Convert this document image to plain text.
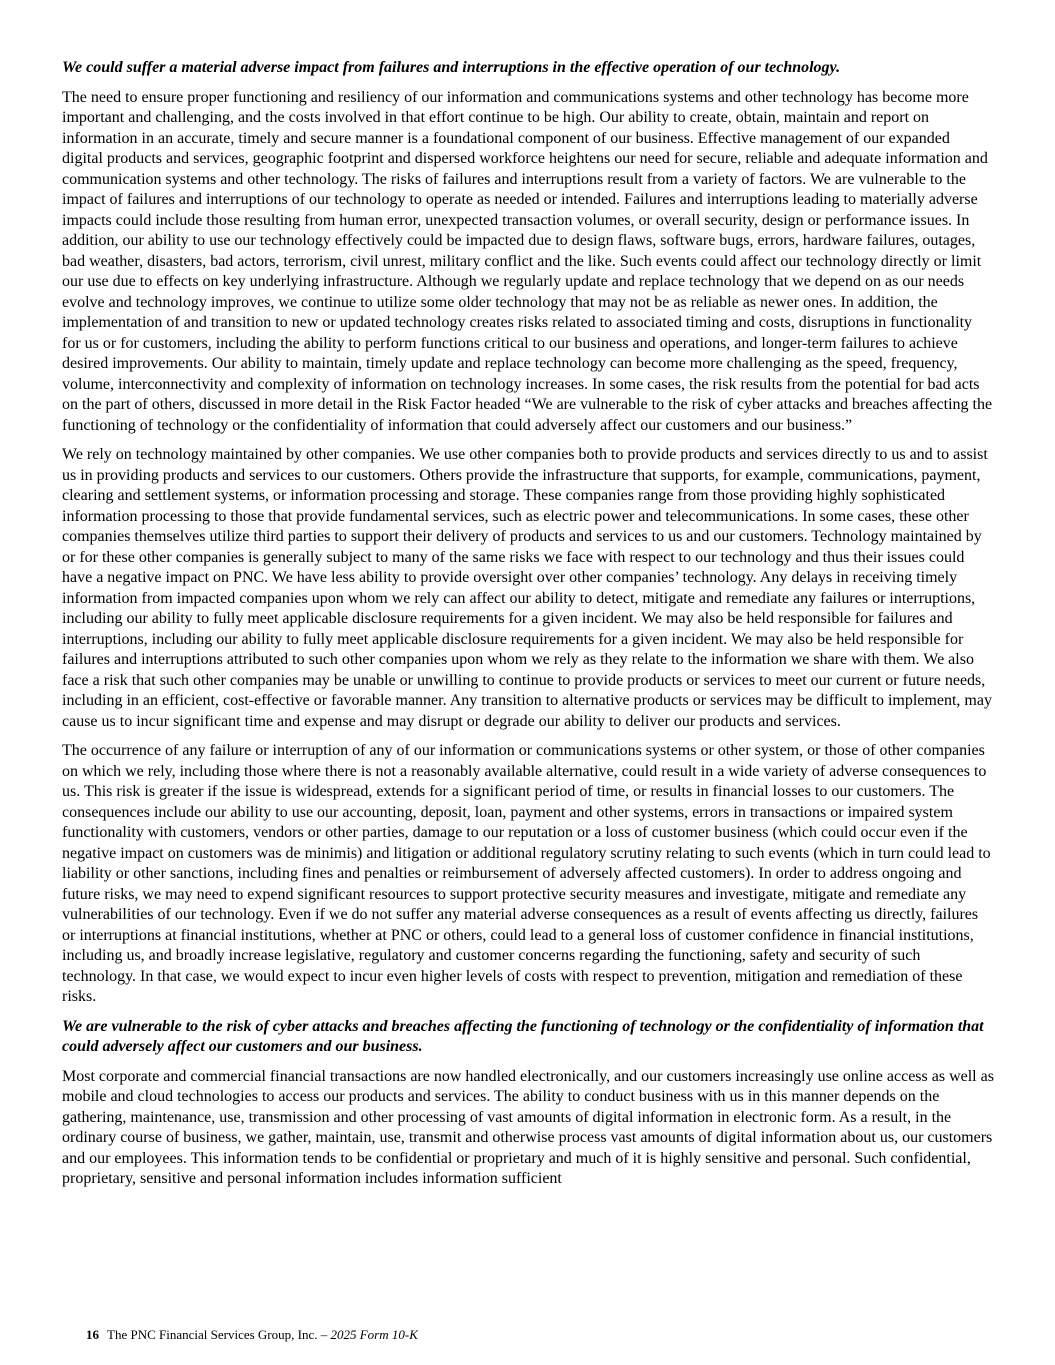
We could suffer a material adverse impact from failures and interruptions in the effective operation of our technology.

The need to ensure proper functioning and resiliency of our information and communications systems and other technology has become more important and challenging, and the costs involved in that effort continue to be high. Our ability to create, obtain, maintain and report on information in an accurate, timely and secure manner is a foundational component of our business. Effective management of our expanded digital products and services, geographic footprint and dispersed workforce heightens our need for secure, reliable and adequate information and communication systems and other technology. The risks of failures and interruptions result from a variety of factors. We are vulnerable to the impact of failures and interruptions of our technology to operate as needed or intended. Failures and interruptions leading to materially adverse impacts could include those resulting from human error, unexpected transaction volumes, or overall security, design or performance issues. In addition, our ability to use our technology effectively could be impacted due to design flaws, software bugs, errors, hardware failures, outages, bad weather, disasters, bad actors, terrorism, civil unrest, military conflict and the like. Such events could affect our technology directly or limit our use due to effects on key underlying infrastructure. Although we regularly update and replace technology that we depend on as our needs evolve and technology improves, we continue to utilize some older technology that may not be as reliable as newer ones. In addition, the implementation of and transition to new or updated technology creates risks related to associated timing and costs, disruptions in functionality for us or for customers, including the ability to perform functions critical to our business and operations, and longer-term failures to achieve desired improvements. Our ability to maintain, timely update and replace technology can become more challenging as the speed, frequency, volume, interconnectivity and complexity of information on technology increases. In some cases, the risk results from the potential for bad acts on the part of others, discussed in more detail in the Risk Factor headed “We are vulnerable to the risk of cyber attacks and breaches affecting the functioning of technology or the confidentiality of information that could adversely affect our customers and our business.”

We rely on technology maintained by other companies. We use other companies both to provide products and services directly to us and to assist us in providing products and services to our customers. Others provide the infrastructure that supports, for example, communications, payment, clearing and settlement systems, or information processing and storage. These companies range from those providing highly sophisticated information processing to those that provide fundamental services, such as electric power and telecommunications. In some cases, these other companies themselves utilize third parties to support their delivery of products and services to us and our customers. Technology maintained by or for these other companies is generally subject to many of the same risks we face with respect to our technology and thus their issues could have a negative impact on PNC. We have less ability to provide oversight over other companies’ technology. Any delays in receiving timely information from impacted companies upon whom we rely can affect our ability to detect, mitigate and remediate any failures or interruptions, including our ability to fully meet applicable disclosure requirements for a given incident. We may also be held responsible for failures and interruptions, including our ability to fully meet applicable disclosure requirements for a given incident. We may also be held responsible for failures and interruptions attributed to such other companies upon whom we rely as they relate to the information we share with them. We also face a risk that such other companies may be unable or unwilling to continue to provide products or services to meet our current or future needs, including in an efficient, cost-effective or favorable manner. Any transition to alternative products or services may be difficult to implement, may cause us to incur significant time and expense and may disrupt or degrade our ability to deliver our products and services.

The occurrence of any failure or interruption of any of our information or communications systems or other system, or those of other companies on which we rely, including those where there is not a reasonably available alternative, could result in a wide variety of adverse consequences to us. This risk is greater if the issue is widespread, extends for a significant period of time, or results in financial losses to our customers. The consequences include our ability to use our accounting, deposit, loan, payment and other systems, errors in transactions or impaired system functionality with customers, vendors or other parties, damage to our reputation or a loss of customer business (which could occur even if the negative impact on customers was de minimis) and litigation or additional regulatory scrutiny relating to such events (which in turn could lead to liability or other sanctions, including fines and penalties or reimbursement of adversely affected customers). In order to address ongoing and future risks, we may need to expend significant resources to support protective security measures and investigate, mitigate and remediate any vulnerabilities of our technology. Even if we do not suffer any material adverse consequences as a result of events affecting us directly, failures or interruptions at financial institutions, whether at PNC or others, could lead to a general loss of customer confidence in financial institutions, including us, and broadly increase legislative, regulatory and customer concerns regarding the functioning, safety and security of such technology. In that case, we would expect to incur even higher levels of costs with respect to prevention, mitigation and remediation of these risks.

We are vulnerable to the risk of cyber attacks and breaches affecting the functioning of technology or the confidentiality of information that could adversely affect our customers and our business.

Most corporate and commercial financial transactions are now handled electronically, and our customers increasingly use online access as well as mobile and cloud technologies to access our products and services. The ability to conduct business with us in this manner depends on the gathering, maintenance, use, transmission and other processing of vast amounts of digital information in electronic form. As a result, in the ordinary course of business, we gather, maintain, use, transmit and otherwise process vast amounts of digital information about us, our customers and our employees. This information tends to be confidential or proprietary and much of it is highly sensitive and personal. Such confidential, proprietary, sensitive and personal information includes information sufficient

16 The PNC Financial Services Group, Inc. – 2025 Form 10-K
